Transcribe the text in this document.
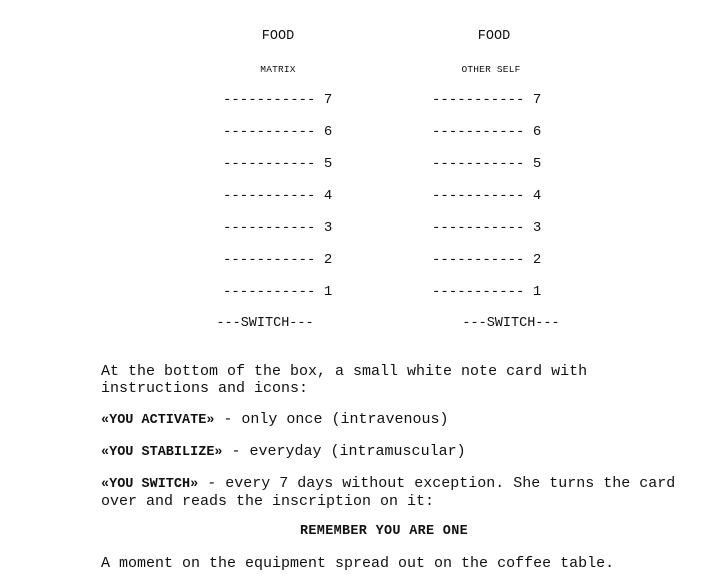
FOOD
MATRIX
----------- 7
----------- 6
----------- 5
----------- 4
----------- 3
----------- 2
----------- 1
---SWITCH---
FOOD
OTHER SELF
----------- 7
----------- 6
----------- 5
----------- 4
----------- 3
----------- 2
----------- 1
---SWITCH---
At the bottom of the box, a small white note card with instructions and icons:
«YOU ACTIVATE» - only once (intravenous)
«YOU STABILIZE» - everyday (intramuscular)
«YOU SWITCH» - every 7 days without exception. She turns the card over and reads the inscription on it:
REMEMBER YOU ARE ONE
A moment on the equipment spread out on the coffee table.
